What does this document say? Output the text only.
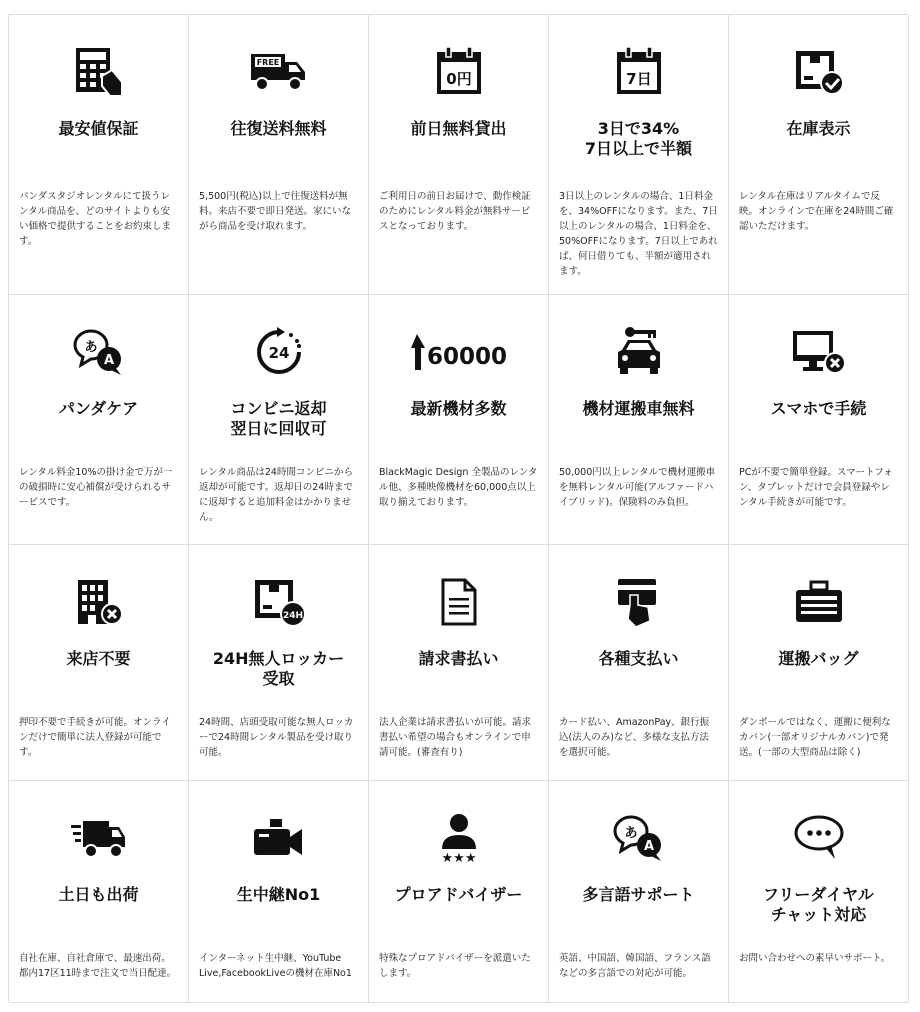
最安値保証
パンダスタジオレンタルにて扱うレンタル商品を、どのサイトよりも安い価格で提供することをお約束します。
FREE
往復送料無料
5,500円(税込)以上で往復送料が無料。来店不要で即日発送。家にいながら商品を受け取れます。
0円
前日無料貸出
ご利用日の前日お届けで、動作検証のためにレンタル料金が無料サービスとなっております。
7日
3日で34%
7日以上で半額
3日以上のレンタルの場合、1日料金を、34%OFFになります。また、7日以上のレンタルの場合、1日料金を、50%OFFになります。7日以上であれば、何日借りても、半額が適用されます。
在庫表示
レンタル在庫はリアルタイムで反映。オンラインで在庫を24時間ご確認いただけます。
あ
A
パンダケア
レンタル料金10%の掛け金で万が一の破損時に安心補償が受けられるサービスです。
24
コンビニ返却
翌日に回収可
レンタル商品は24時間コンビニから返却が可能です。返却日の24時までに返却すると追加料金はかかりません。
60000
最新機材多数
BlackMagic Design 全製品のレンタル他、多種映像機材を60,000点以上取り揃えております。
機材運搬車無料
50,000円以上レンタルで機材運搬車を無料レンタル可能(アルファードハイブリッド)。保険料のみ負担。
スマホで手続
PCが不要で簡単登録。スマートフォン、タブレットだけで会員登録やレンタル手続きが可能です。
来店不要
押印不要で手続きが可能。オンラインだけで簡単に法人登録が可能です。
24H
24H無人ロッカー
受取
24時間、店頭受取可能な無人ロッカーで24時間レンタル製品を受け取り可能。
請求書払い
法人企業は請求書払いが可能。請求書払い希望の場合もオンラインで申請可能。(審査有り)
各種支払い
カード払い、AmazonPay、銀行振込(法人のみ)など、多様な支払方法を選択可能。
運搬バッグ
ダンボールではなく、運搬に便利なカバン(一部オリジナルカバン)で発送。(一部の大型商品は除く)
土日も出荷
自社在庫、自社倉庫で、最速出荷。都内17区11時まで注文で当日配達。
生中継No1
インターネット生中継、YouTube Live,FacebookLiveの機材在庫No1
★★★
プロアドバイザー
特殊なプロアドバイザーを派遣いたします。
あ
A
多言語サポート
英語、中国語、韓国語、フランス語などの多言語での対応が可能。
フリーダイヤル
チャット対応
お問い合わせへの素早いサポート。
